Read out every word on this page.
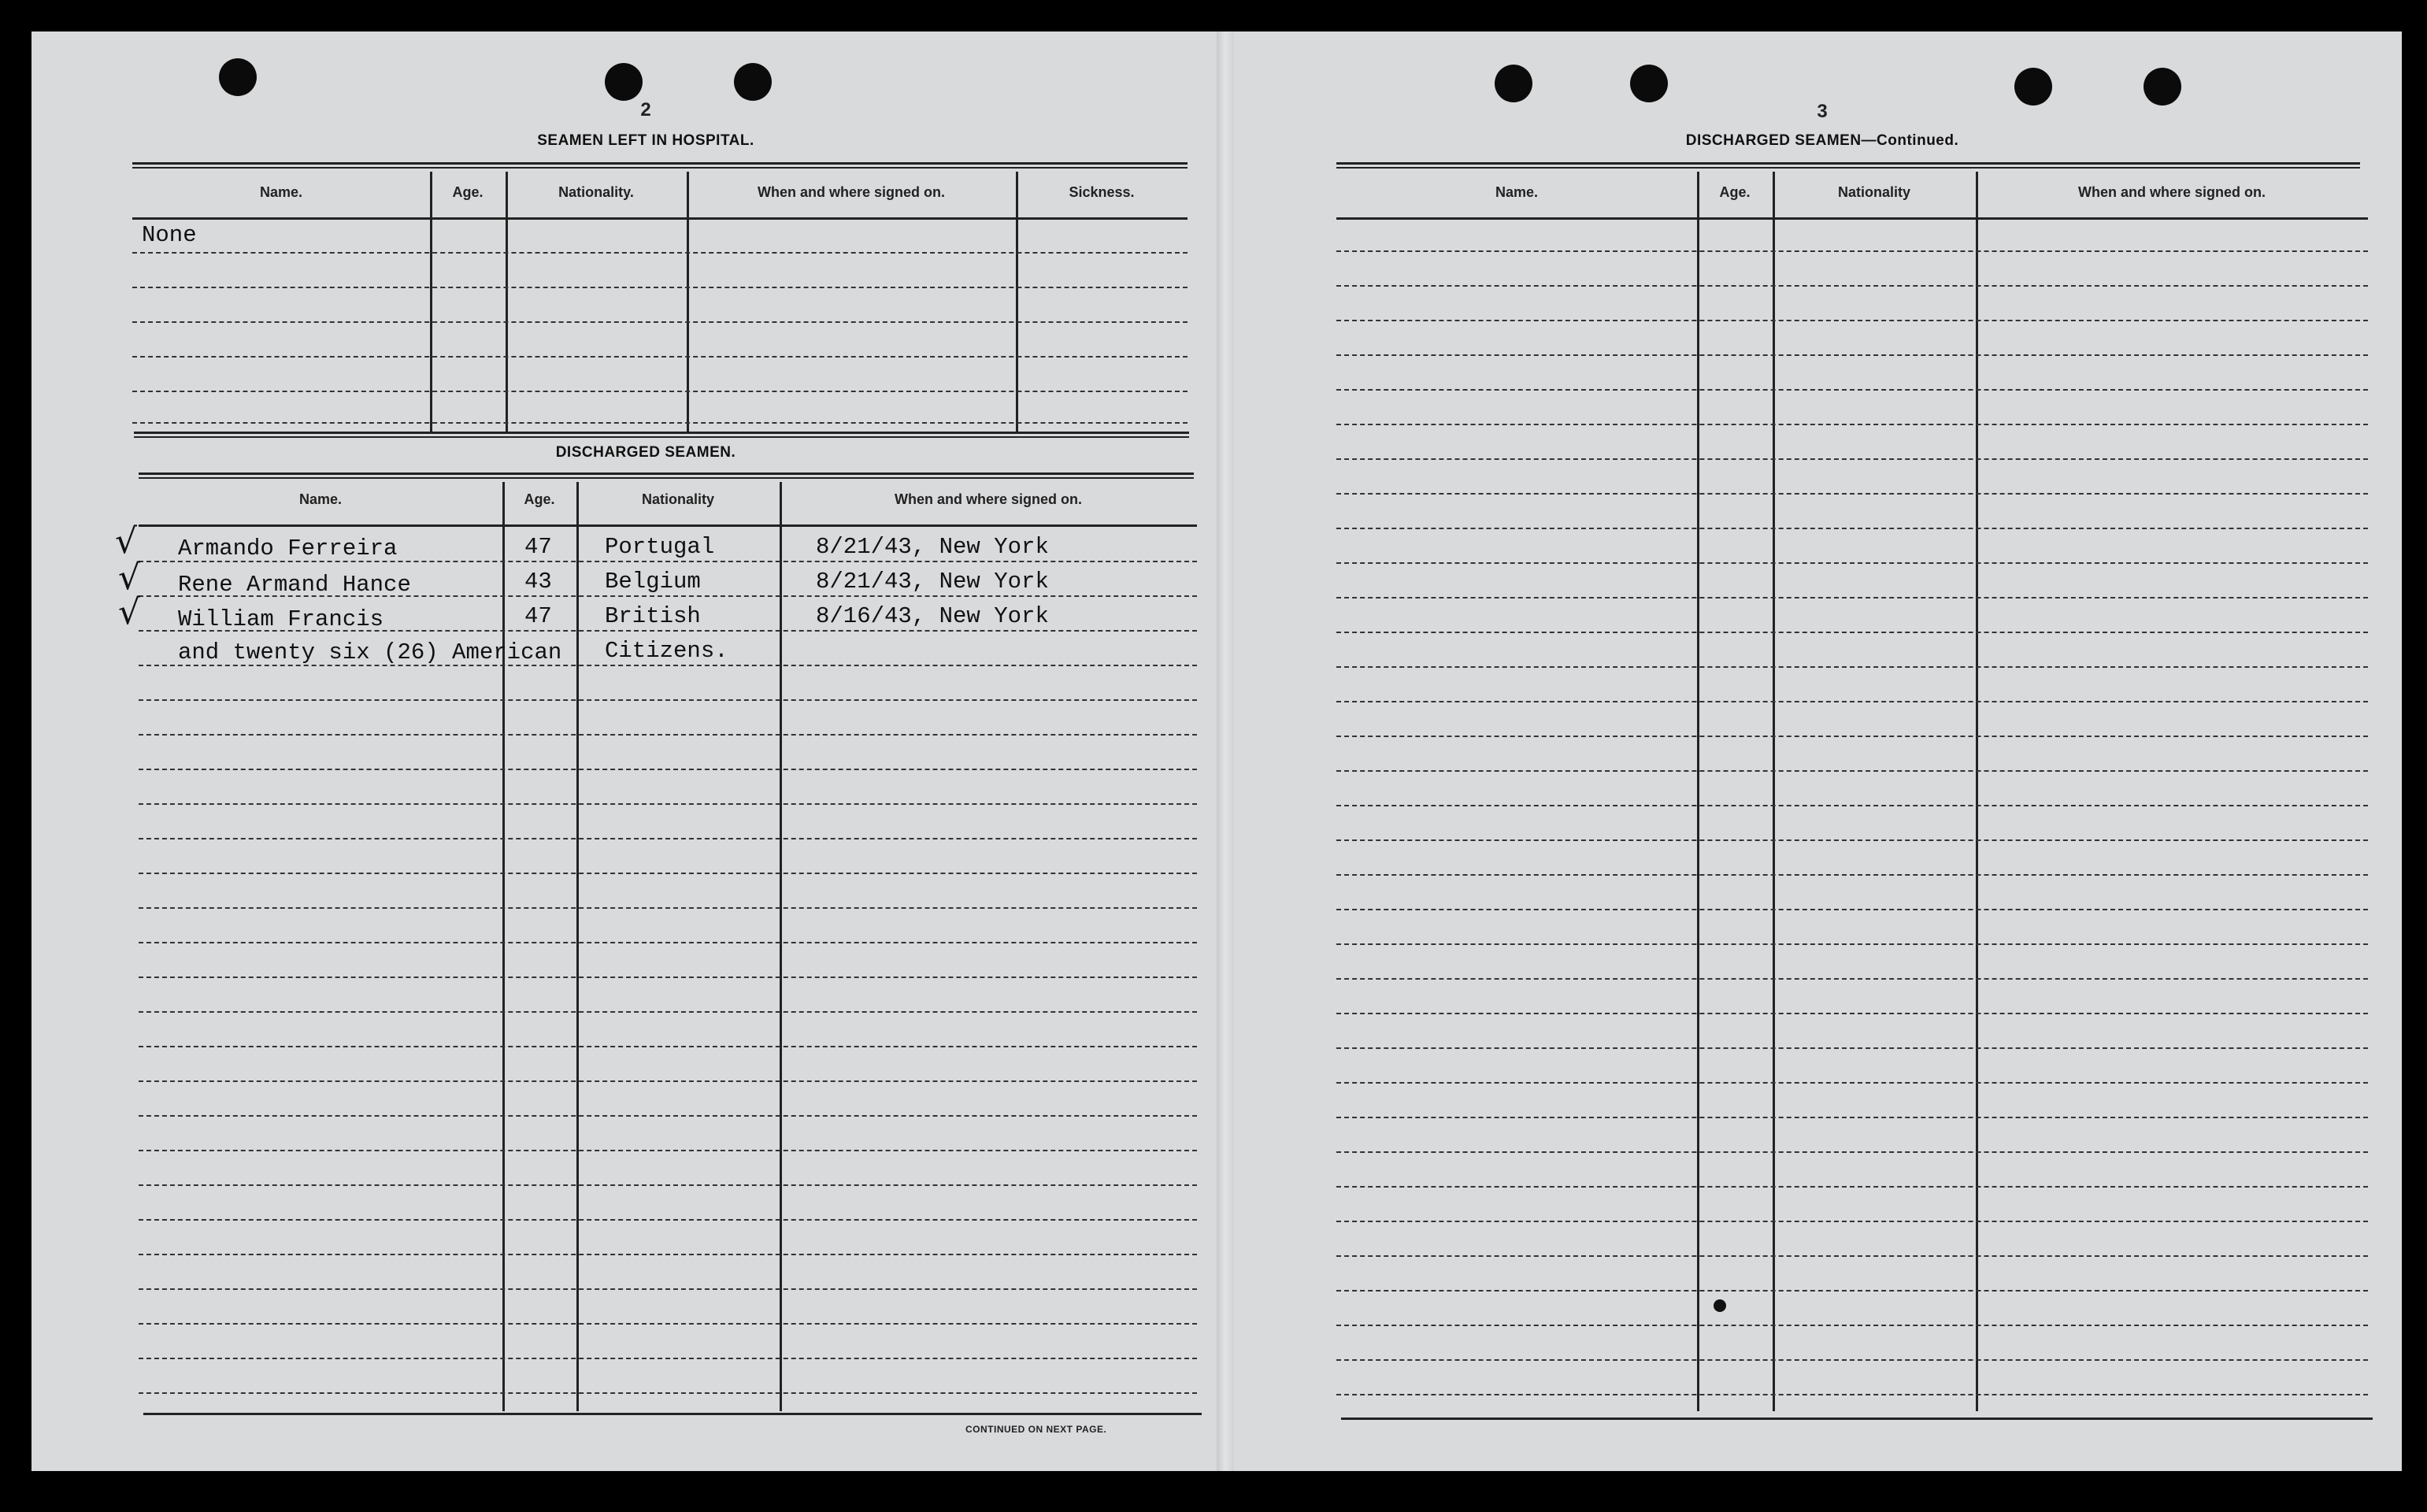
2
SEAMEN LEFT IN HOSPITAL.
Name.	Age.	Nationality.	When and where signed on.	Sickness.
None
DISCHARGED SEAMEN.
Name.	Age.	Nationality	When and where signed on.
√ Armando Ferreira	47 Portugal	8/21/43, New York
√ Rene Armand Hance	43 Belgium	8/21/43, New York
√ William Francis	47 British	8/16/43, New York
and twenty six (26) American Citizens.
CONTINUED ON NEXT PAGE.
3
DISCHARGED SEAMEN—Continued.
Name.	Age.	Nationality	When and where signed on.
